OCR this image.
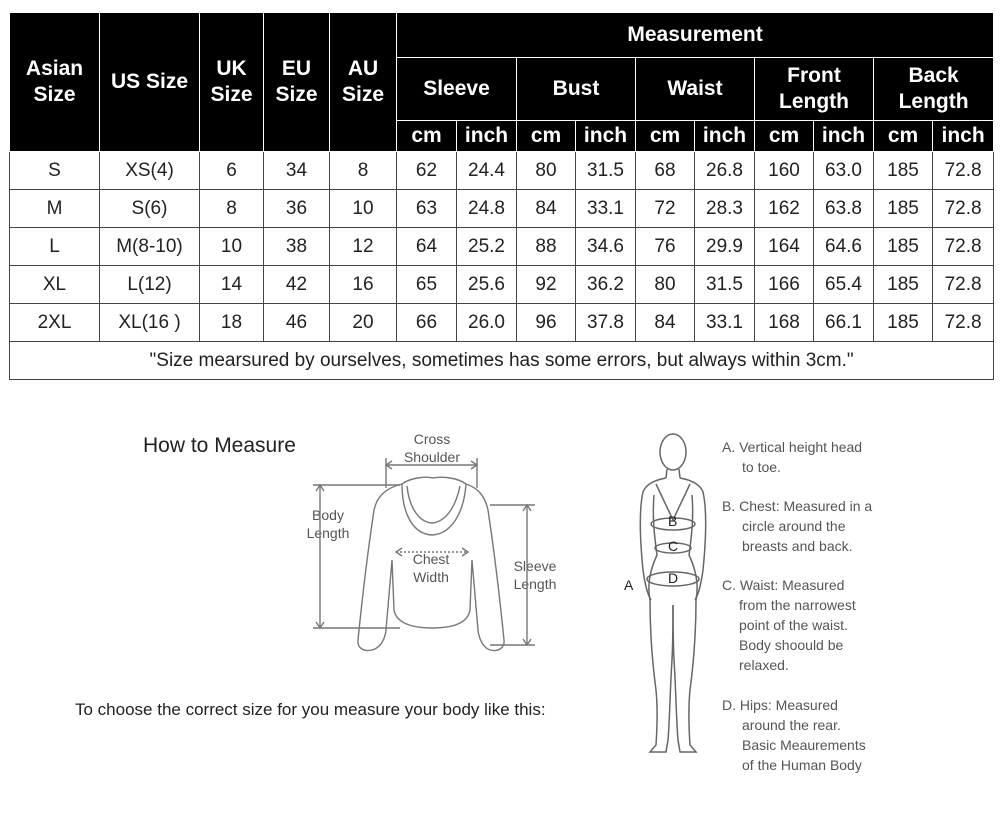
Asian Size	US Size	UK Size	EU Size	AU Size	Measurement									
					Sleeve		Bust		Waist		Front Length		Back Length	
					cm	inch	cm	inch	cm	inch	cm	inch	cm	inch
S	XS(4)	6	34	8	62	24.4	80	31.5	68	26.8	160	63.0	185	72.8
M	S(6)	8	36	10	63	24.8	84	33.1	72	28.3	162	63.8	185	72.8
L	M(8-10)	10	38	12	64	25.2	88	34.6	76	29.9	164	64.6	185	72.8
XL	L(12)	14	42	16	65	25.6	92	36.2	80	31.5	166	65.4	185	72.8
2XL	XL(16 )	18	46	20	66	26.0	96	37.8	84	33.1	168	66.1	185	72.8
"Size mearsured by ourselves, sometimes has some errors, but always within 3cm."														
How to Measure	Cross
Shoulder
Body
Length
Chest
Width
Sleeve
Length
To choose the correct size for you measure your body like this:
B
C
D
A
A. Vertical height head
to toe.
B. Chest: Measured in a
circle around the
breasts and back.
C. Waist: Measured
from the narrowest
point of the waist.
Body shoould be
relaxed.
D. Hips: Measured
around the rear.
Basic Meaurements
of the Human Body
